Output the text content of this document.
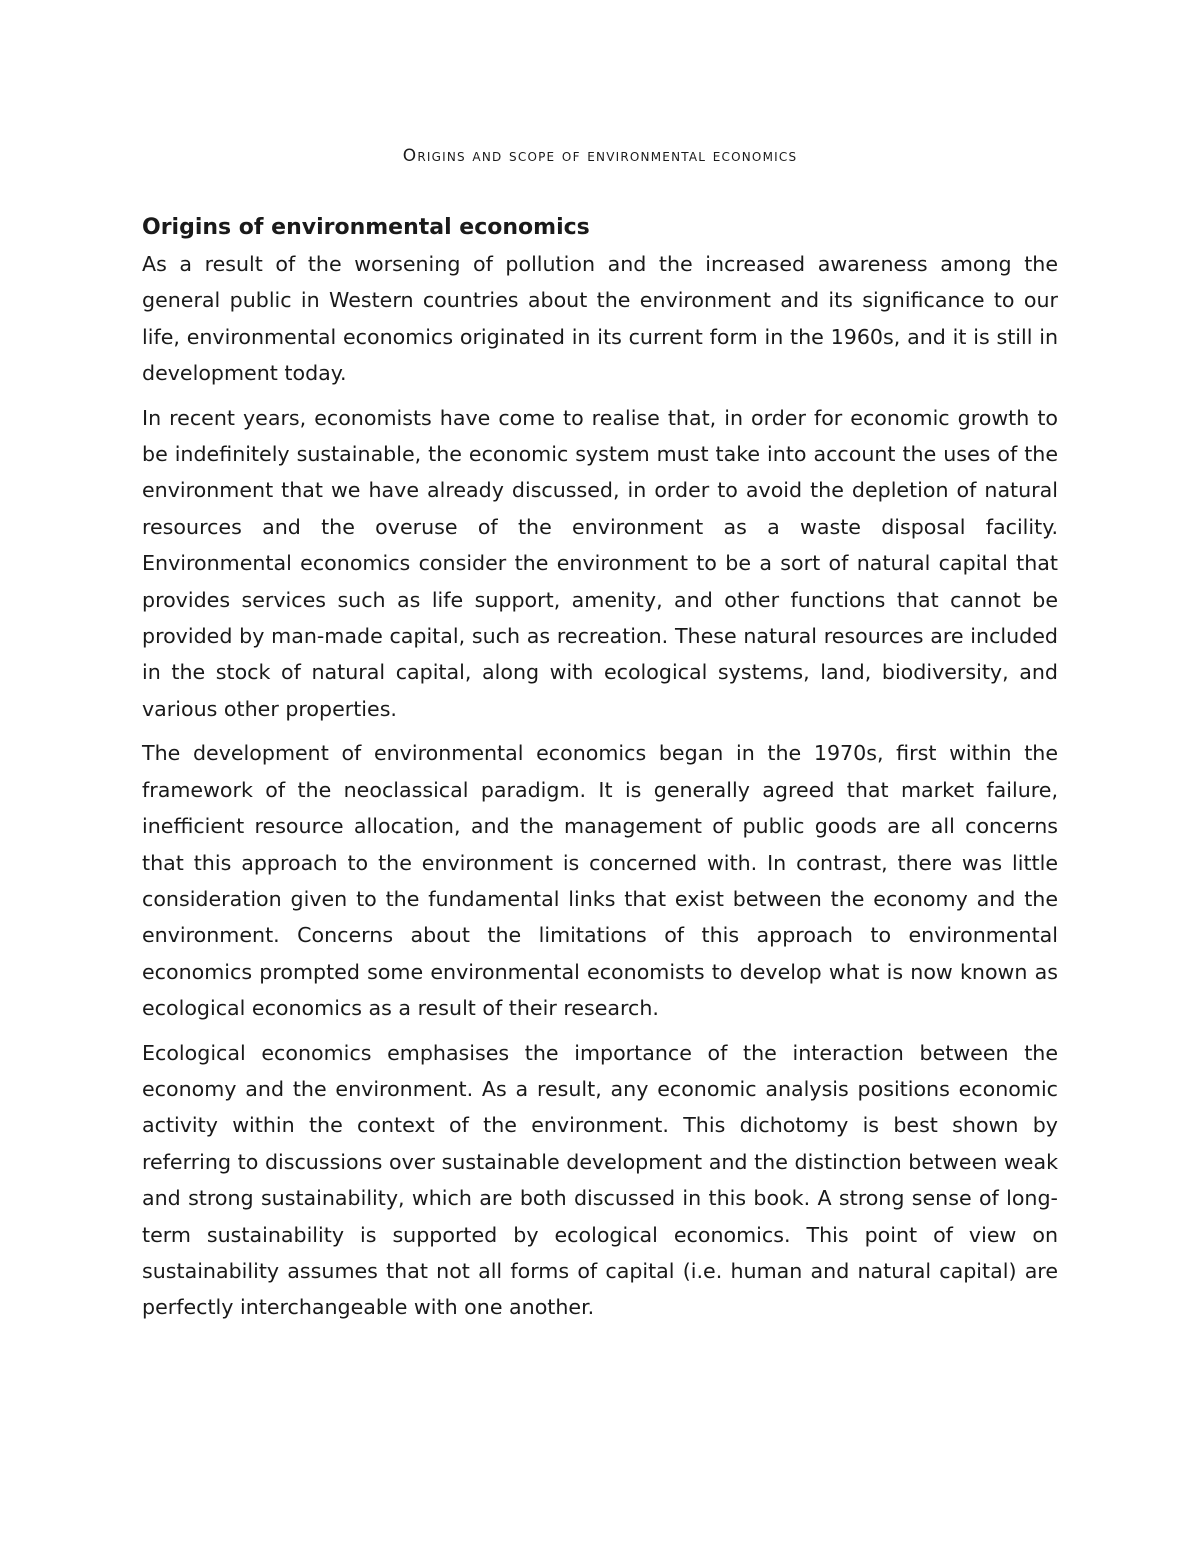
Origins and scope of environmental economics
Origins of environmental economics

As a result of the worsening of pollution and the increased awareness among the general public in Western countries about the environment and its significance to our life, environmental economics originated in its current form in the 1960s, and it is still in development today.

In recent years, economists have come to realise that, in order for economic growth to be indefinitely sustainable, the economic system must take into account the uses of the environment that we have already discussed, in order to avoid the depletion of natural resources and the overuse of the environment as a waste disposal facility. Environmental economics consider the environment to be a sort of natural capital that provides services such as life support, amenity, and other functions that cannot be provided by man-made capital, such as recreation. These natural resources are included in the stock of natural capital, along with ecological systems, land, biodiversity, and various other properties.

The development of environmental economics began in the 1970s, first within the framework of the neoclassical paradigm. It is generally agreed that market failure, inefficient resource allocation, and the management of public goods are all concerns that this approach to the environment is concerned with. In contrast, there was little consideration given to the fundamental links that exist between the economy and the environment. Concerns about the limitations of this approach to environmental economics prompted some environmental economists to develop what is now known as ecological economics as a result of their research.

Ecological economics emphasises the importance of the interaction between the economy and the environment. As a result, any economic analysis positions economic activity within the context of the environment. This dichotomy is best shown by referring to discussions over sustainable development and the distinction between weak and strong sustainability, which are both discussed in this book. A strong sense of long-term sustainability is supported by ecological economics. This point of view on sustainability assumes that not all forms of capital (i.e. human and natural capital) are perfectly interchangeable with one another.
